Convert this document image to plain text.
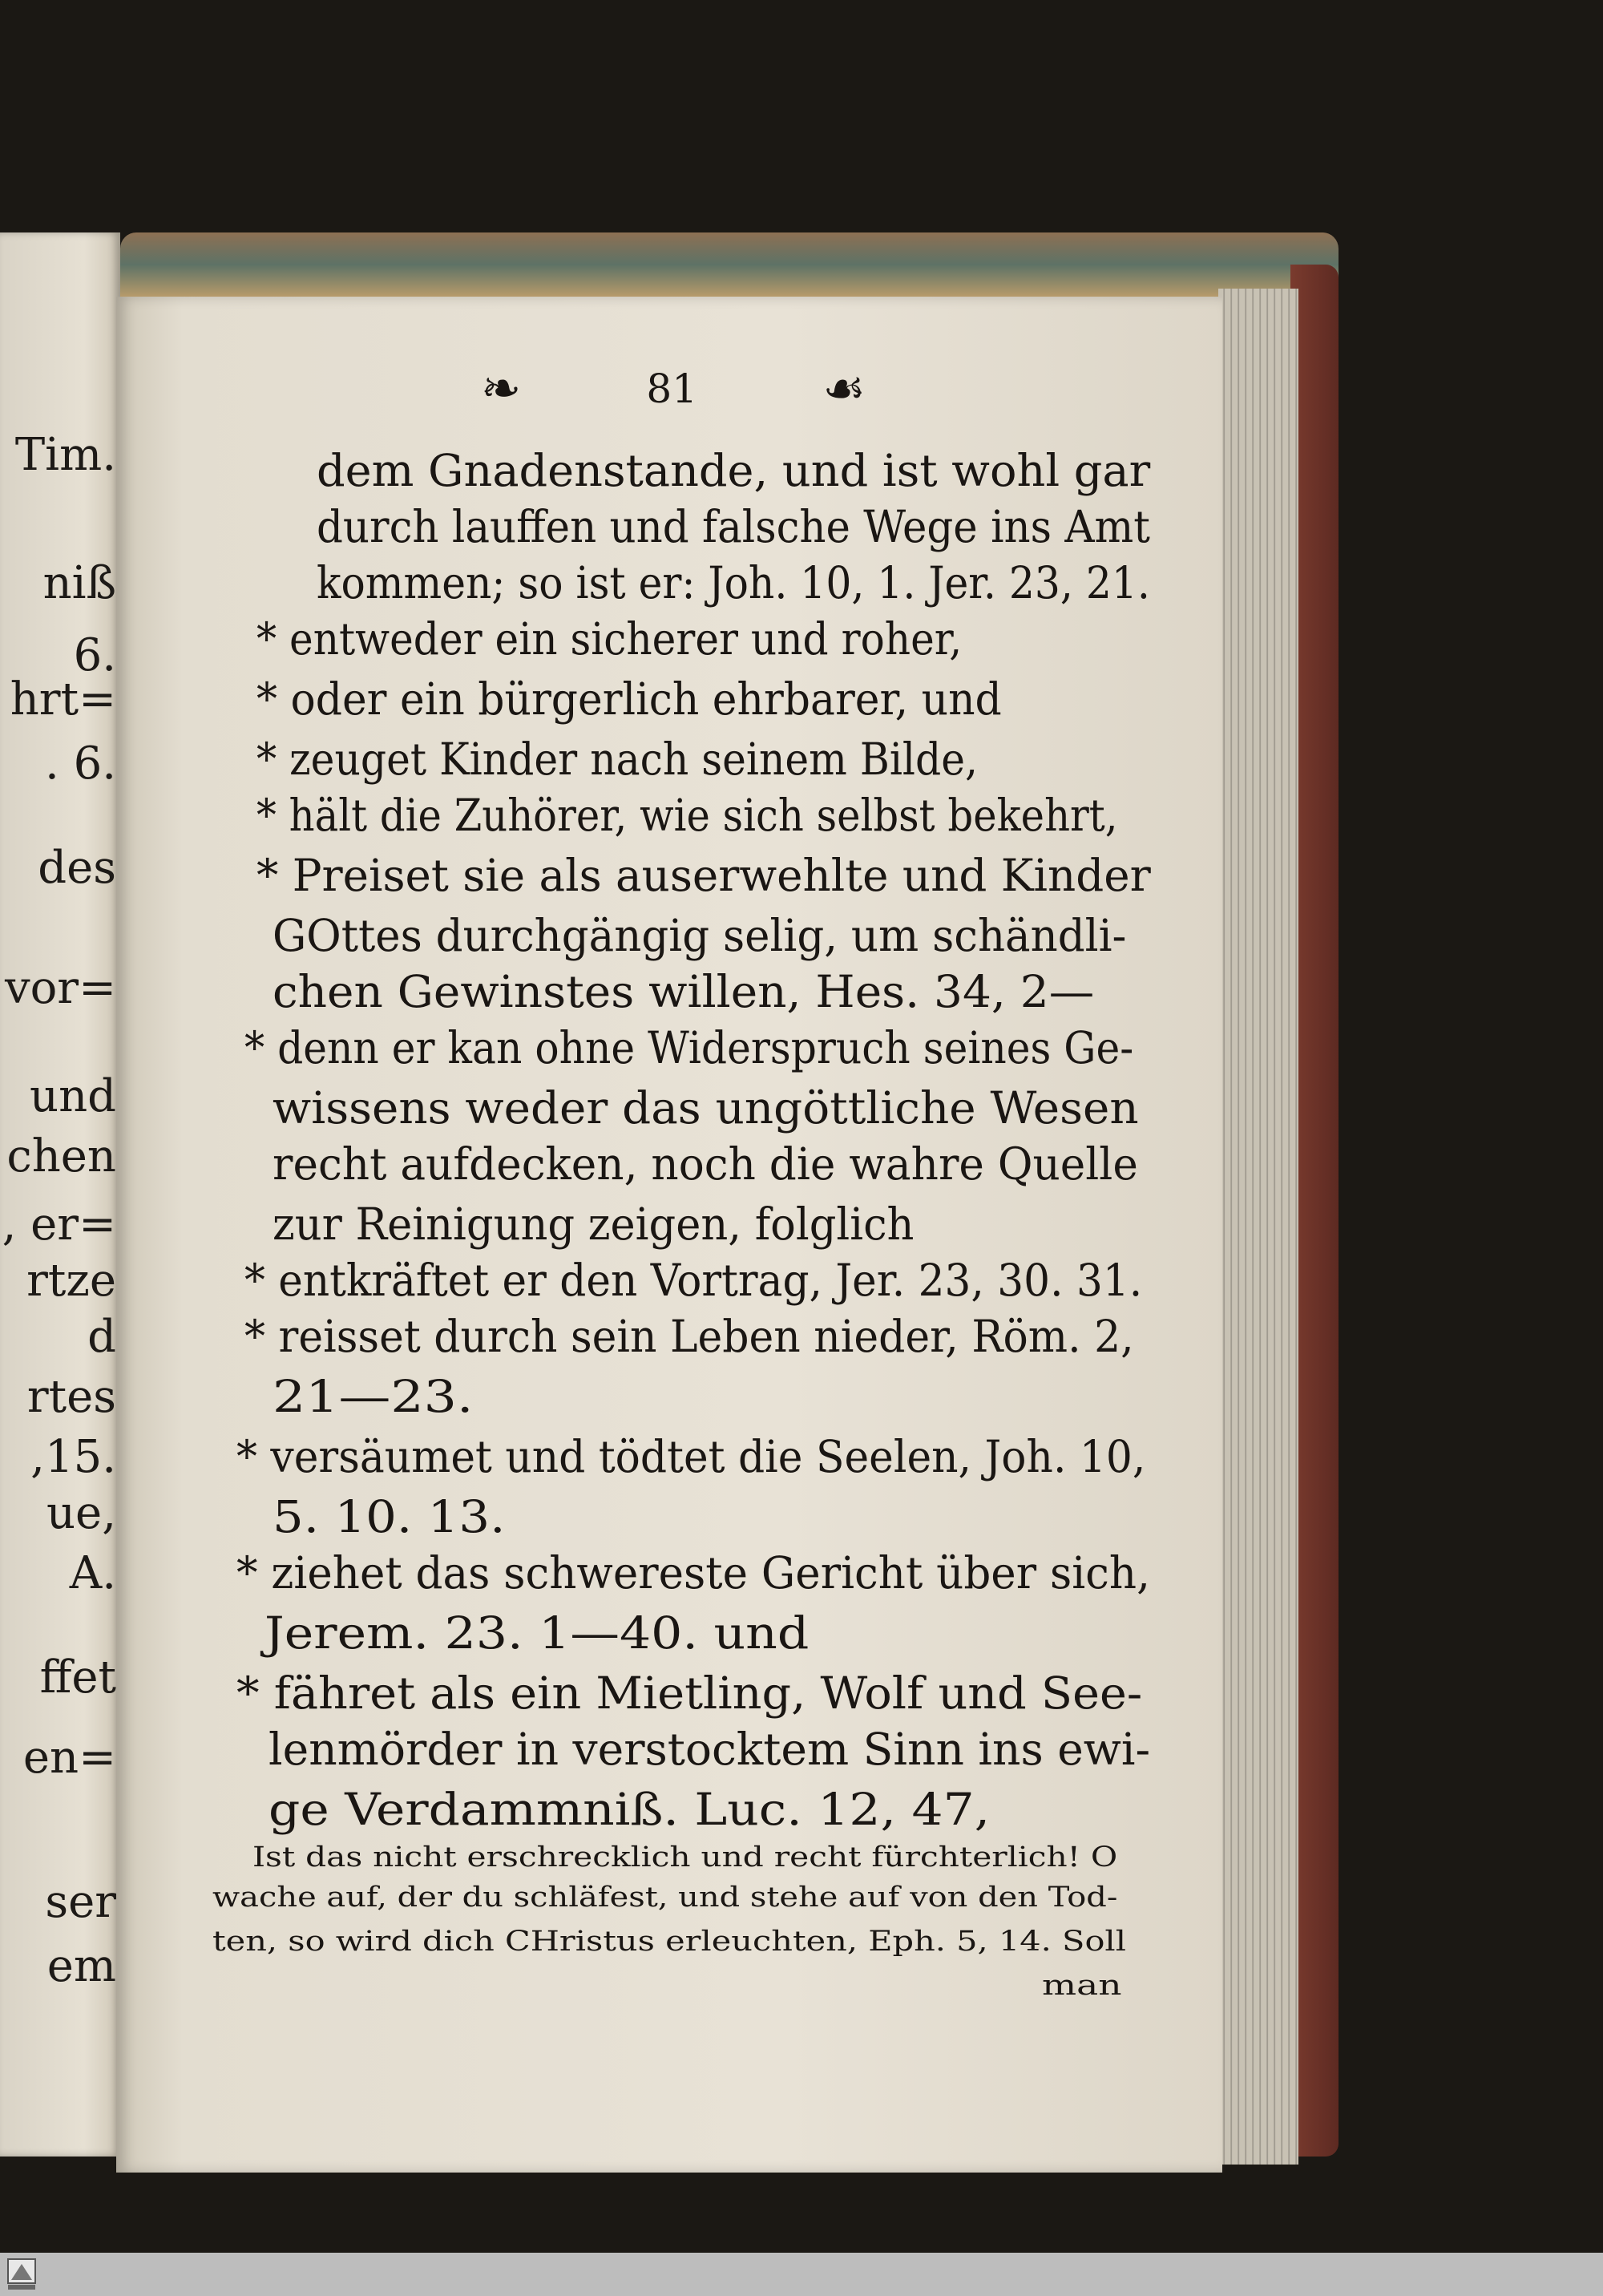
Tim.
niß
6.
hrt=
. 6.
des
vor=
und
chen
, er=
rtze
d
rtes
,15.
ue,
A.
ffet
en=
ser
em
❧	81	☙
dem Gnadenstande, und ist wohl gar
durch lauffen und falsche Wege ins Amt
kommen; so ist er: Joh. 10, 1. Jer. 23, 21.
* entweder ein sicherer und roher,
* oder ein bürgerlich ehrbarer, und
* zeuget Kinder nach seinem Bilde,
* hält die Zuhörer, wie sich selbst bekehrt,
* Preiset sie als auserwehlte und Kinder
GOttes durchgängig selig, um schändli-
chen Gewinstes willen, Hes. 34, 2—
* denn er kan ohne Widerspruch seines Ge-
wissens weder das ungöttliche Wesen
recht aufdecken, noch die wahre Quelle
zur Reinigung zeigen, folglich
* entkräftet er den Vortrag, Jer. 23, 30. 31.
* reisset durch sein Leben nieder, Röm. 2,
21—23.
* versäumet und tödtet die Seelen, Joh. 10,
5. 10. 13.
* ziehet das schwereste Gericht über sich,
Jerem. 23. 1—40. und
* fähret als ein Mietling, Wolf und See-
lenmörder in verstocktem Sinn ins ewi-
ge Verdammniß. Luc. 12, 47,
Ist das nicht erschrecklich und recht fürchterlich! O
wache auf, der du schläfest, und stehe auf von den Tod-
ten, so wird dich CHristus erleuchten, Eph. 5, 14. Soll
man
